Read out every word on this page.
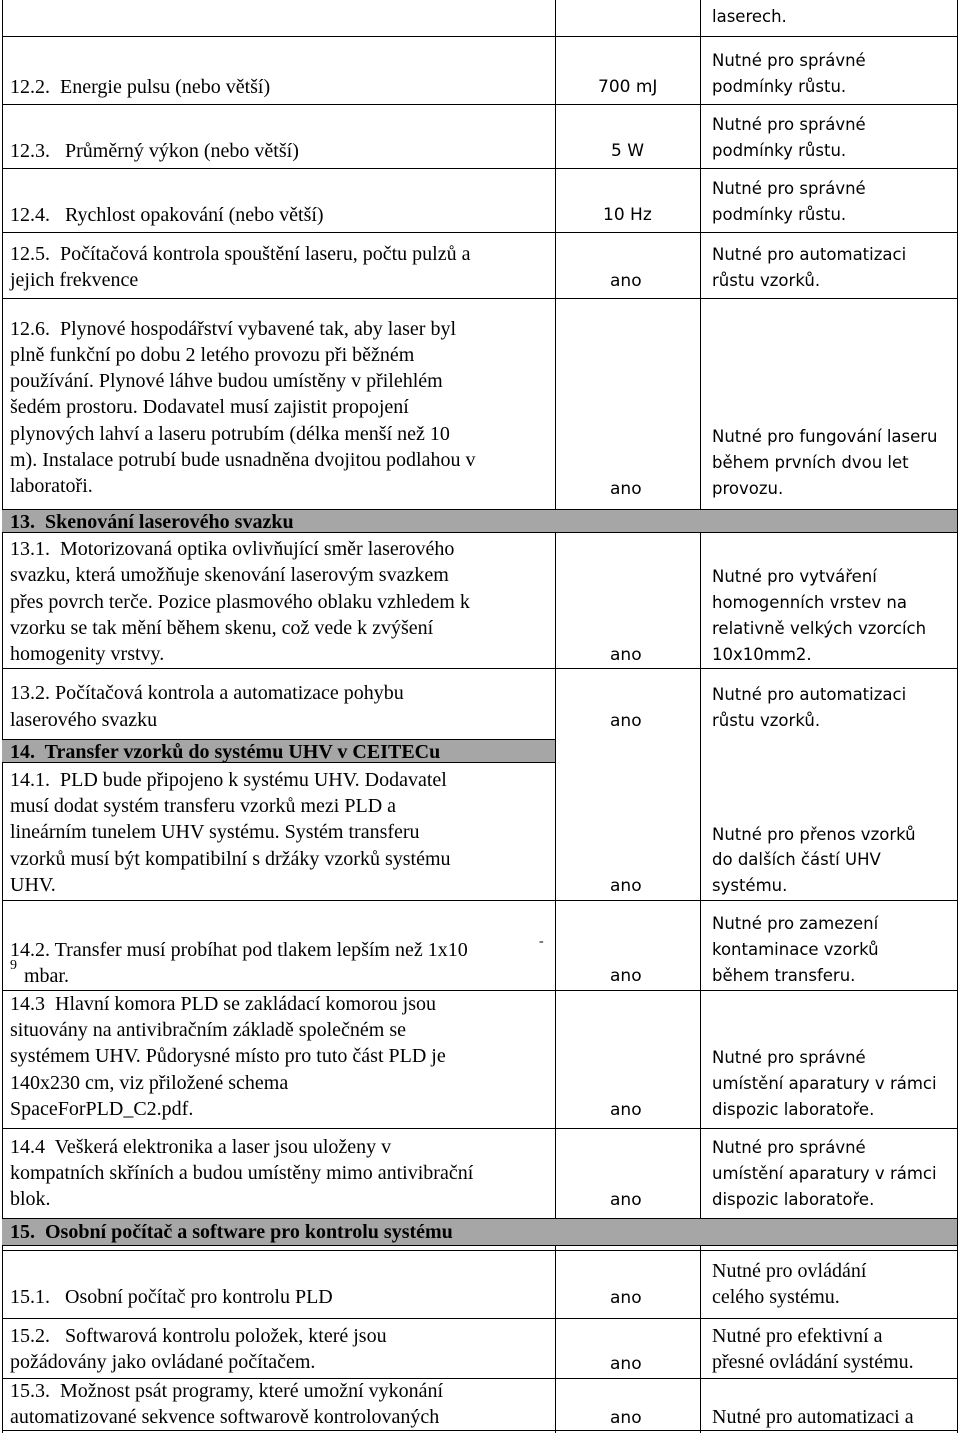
laserech.
12.2.  Energie pulsu (nebo větší)	700 mJ
Nutné pro správné
podmínky růstu.
12.3.   Průměrný výkon (nebo větší)	5 W
Nutné pro správné
podmínky růstu.
12.4.   Rychlost opakování (nebo větší)	10 Hz
Nutné pro správné
podmínky růstu.
12.5.  Počítačová kontrola spouštění laseru, počtu pulzů a
jejich frekvence	ano
Nutné pro automatizaci
růstu vzorků.
12.6.  Plynové hospodářství vybavené tak, aby laser byl
plně funkční po dobu 2 letého provozu při běžném
používání. Plynové láhve budou umístěny v přilehlém
šedém prostoru. Dodavatel musí zajistit propojení
plynových lahví a laseru potrubím (délka menší než 10
m). Instalace potrubí bude usnadněna dvojitou podlahou v
laboratoři.	ano
Nutné pro fungování laseru
během prvních dvou let
provozu.
13.  Skenování laserového svazku
13.1.  Motorizovaná optika ovlivňující směr laserového
svazku, která umožňuje skenování laserovým svazkem
přes povrch terče. Pozice plasmového oblaku vzhledem k
vzorku se tak mění během skenu, což vede k zvýšení
homogenity vrstvy.	ano
Nutné pro vytváření
homogenních vrstev na
relativně velkých vzorcích
10x10mm2.
13.2. Počítačová kontrola a automatizace pohybu
laserového svazku	ano
Nutné pro automatizaci
růstu vzorků.
14.  Transfer vzorků do systému UHV v CEITECu
14.1.  PLD bude připojeno k systému UHV. Dodavatel
musí dodat systém transferu vzorků mezi PLD a
lineárním tunelem UHV systému. Systém transferu
vzorků musí být kompatibilní s držáky vzorků systému
UHV.	ano
Nutné pro přenos vzorků
do dalších částí UHV
systému.
14.2. Transfer musí probíhat pod tlakem lepším než 1x10	-
9 mbar.	ano
Nutné pro zamezení
kontaminace vzorků
během transferu.
14.3  Hlavní komora PLD se zakládací komorou jsou
situovány na antivibračním základě společném se
systémem UHV. Půdorysné místo pro tuto část PLD je
140x230 cm, viz přiložené schema
SpaceForPLD_C2.pdf.	ano
Nutné pro správné
umístění aparatury v rámci
dispozic laboratoře.
14.4  Veškerá elektronika a laser jsou uloženy v
kompatních skříních a budou umístěny mimo antivibrační
blok.	ano
Nutné pro správné
umístění aparatury v rámci
dispozic laboratoře.
15.  Osobní počítač a software pro kontrolu systému
15.1.   Osobní počítač pro kontrolu PLD	ano
Nutné pro ovládání
celého systému.
15.2.   Softwarová kontrolu položek, které jsou
požádovány jako ovládané počítačem.	ano
Nutné pro efektivní a
přesné ovládání systému.
15.3.  Možnost psát programy, které umožní vykonání
automatizované sekvence softwarově kontrolovaných	ano	Nutné pro automatizaci a
